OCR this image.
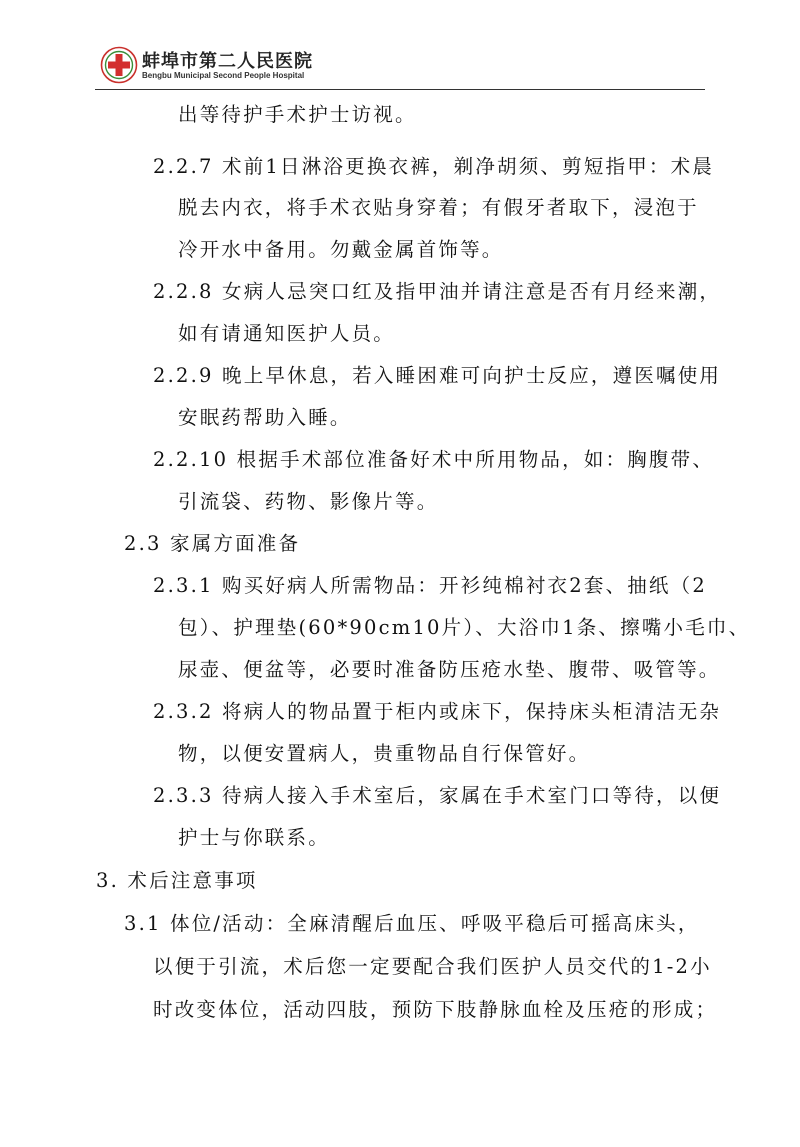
蚌埠市第二人民医院
Bengbu Municipal Second People Hospital
出等待护手术护士访视。
2.2.7 术前1日淋浴更换衣裤，剃净胡须、剪短指甲：术晨
脱去内衣，将手术衣贴身穿着；有假牙者取下，浸泡于
冷开水中备用。勿戴金属首饰等。
2.2.8 女病人忌突口红及指甲油并请注意是否有月经来潮，
如有请通知医护人员。
2.2.9 晚上早休息，若入睡困难可向护士反应，遵医嘱使用
安眠药帮助入睡。
2.2.10 根据手术部位准备好术中所用物品，如：胸腹带、
引流袋、药物、影像片等。
2.3 家属方面准备
2.3.1 购买好病人所需物品：开衫纯棉衬衣2套、抽纸（2
包）、护理垫(60*90cm10片）、大浴巾1条、擦嘴小毛巾、
尿壶、便盆等，必要时准备防压疮水垫、腹带、吸管等。
2.3.2 将病人的物品置于柜内或床下，保持床头柜清洁无杂
物，以便安置病人，贵重物品自行保管好。
2.3.3 待病人接入手术室后，家属在手术室门口等待，以便
护士与你联系。
3. 术后注意事项
3.1 体位/活动：全麻清醒后血压、呼吸平稳后可摇高床头，
以便于引流，术后您一定要配合我们医护人员交代的1-2小
时改变体位，活动四肢，预防下肢静脉血栓及压疮的形成；
